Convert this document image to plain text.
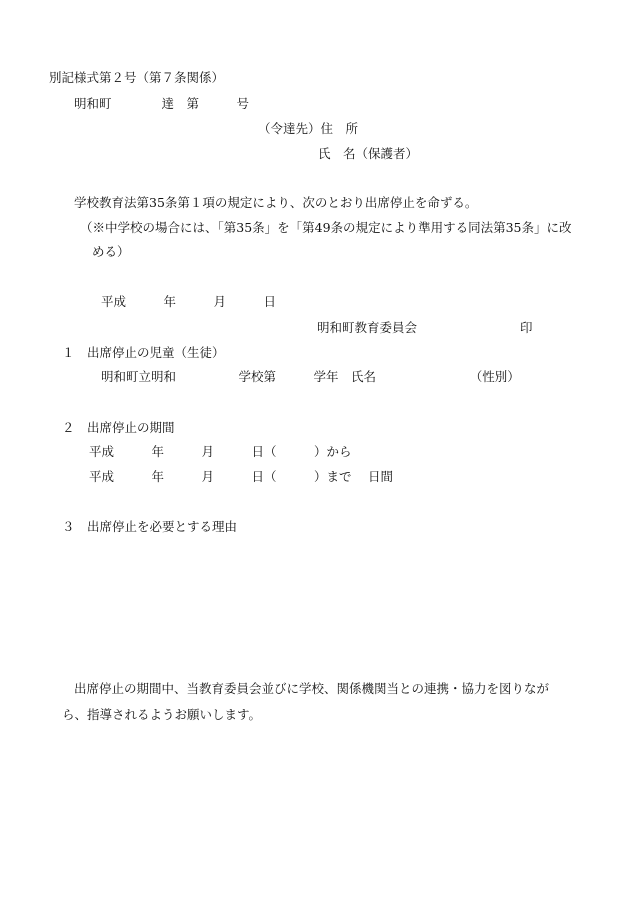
別記様式第２号（第７条関係）
明和町　　　　達　第　　　号
（令達先）住　所
氏　名（保護者）
学校教育法第35条第１項の規定により、次のとおり出席停止を命ずる。
（※中学校の場合には、「第35条」を「第49条の規定により準用する同法第35条」に改
める）
平成　　　年　　　月　　　日
明和町教育委員会	印
１　出席停止の児童（生徒）
明和町立明和　　　　　学校第　　　学年　氏名　　　　　　　　（性別）
２　出席停止の期間
平成　　　年　　　月　　　日（　　　）から
平成　　　年　　　月　　　日（　　　）まで 日間
３　出席停止を必要とする理由
出席停止の期間中、当教育委員会並びに学校、関係機関当との連携・協力を図りなが
ら、指導されるようお願いします。
